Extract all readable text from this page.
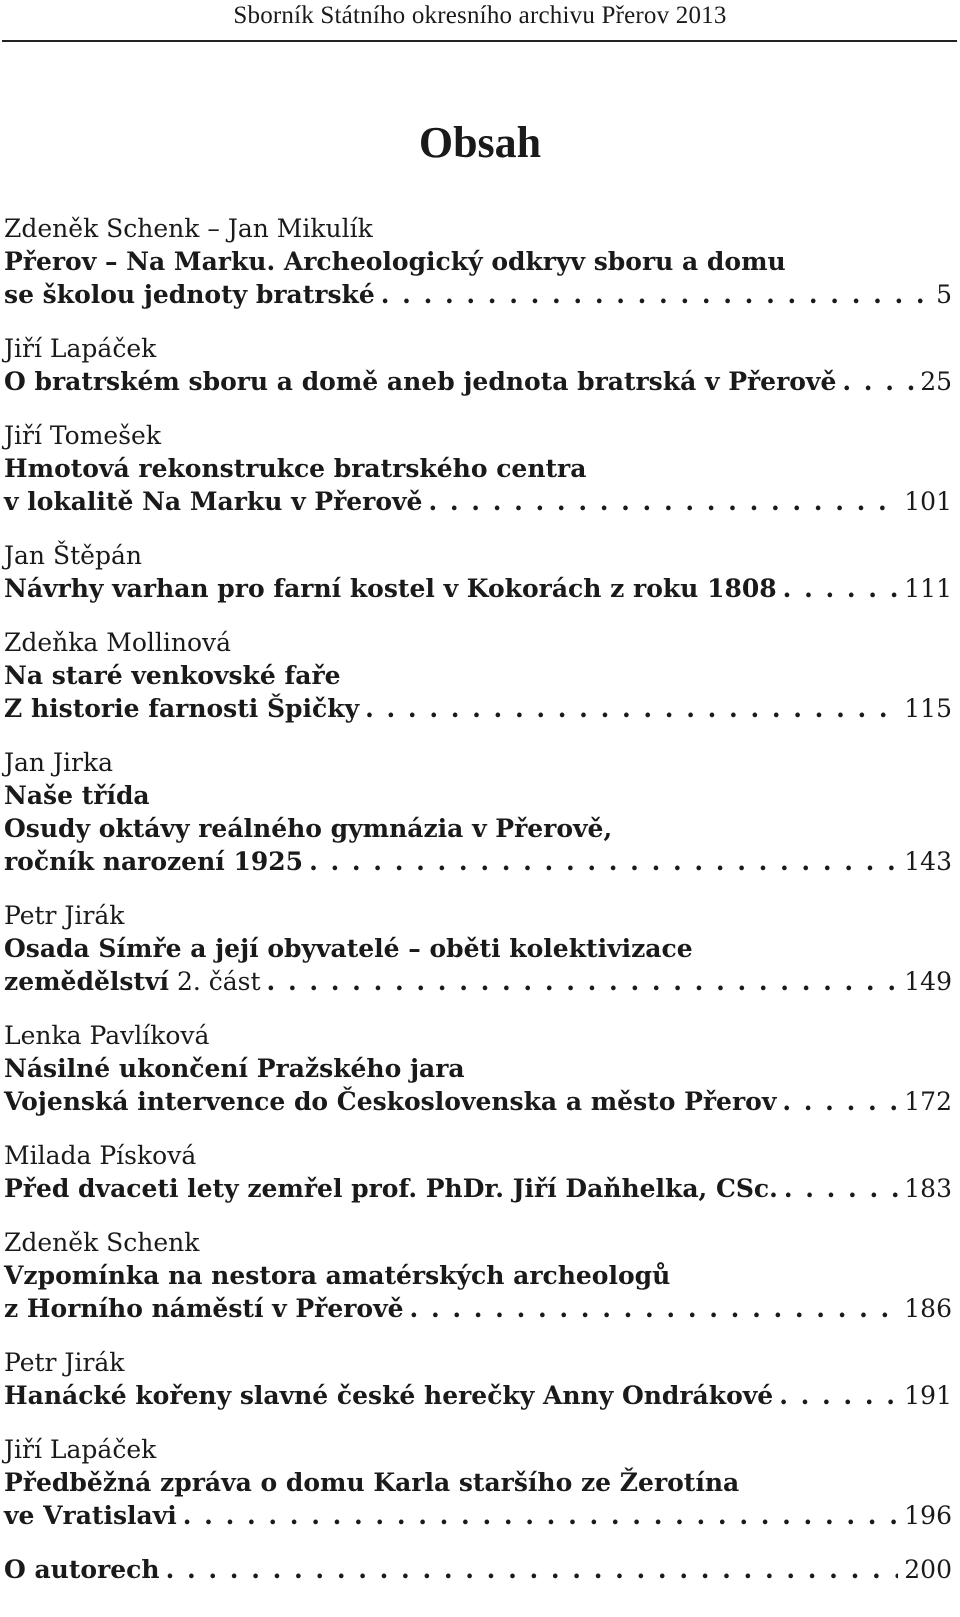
Sborník Státního okresního archivu Přerov 2013
Obsah
Zdeněk Schenk – Jan Mikulík
Přerov – Na Marku. Archeologický odkryv sboru a domu
se školou jednoty bratrské . . .	5
Jiří Lapáček
O bratrském sboru a domě aneb jednota bratrská v Přerově . . .	25
Jiří Tomešek
Hmotová rekonstrukce bratrského centra
v lokalitě Na Marku v Přerově . . .	101
Jan Štěpán
Návrhy varhan pro farní kostel v Kokorách z roku 1808 . . .	111
Zdeňka Mollinová
Na staré venkovské faře
Z historie farnosti Špičky . . .	115
Jan Jirka
Naše třída
Osudy oktávy reálného gymnázia v Přerově,
ročník narození 1925 . . .	143
Petr Jirák
Osada Símře a její obyvatelé – oběti kolektivizace
zemědělství 2. část . . .	149
Lenka Pavlíková
Násilné ukončení Pražského jara
Vojenská intervence do Československa a město Přerov . . .	172
Milada Písková
Před dvaceti lety zemřel prof. PhDr. Jiří Daňhelka, CSc. . . .	183
Zdeněk Schenk
Vzpomínka na nestora amatérských archeologů
z Horního náměstí v Přerově . . .	186
Petr Jirák
Hanácké kořeny slavné české herečky Anny Ondrákové . . .	191
Jiří Lapáček
Předběžná zpráva o domu Karla staršího ze Žerotína
ve Vratislavi . . .	196
O autorech . . .	200
